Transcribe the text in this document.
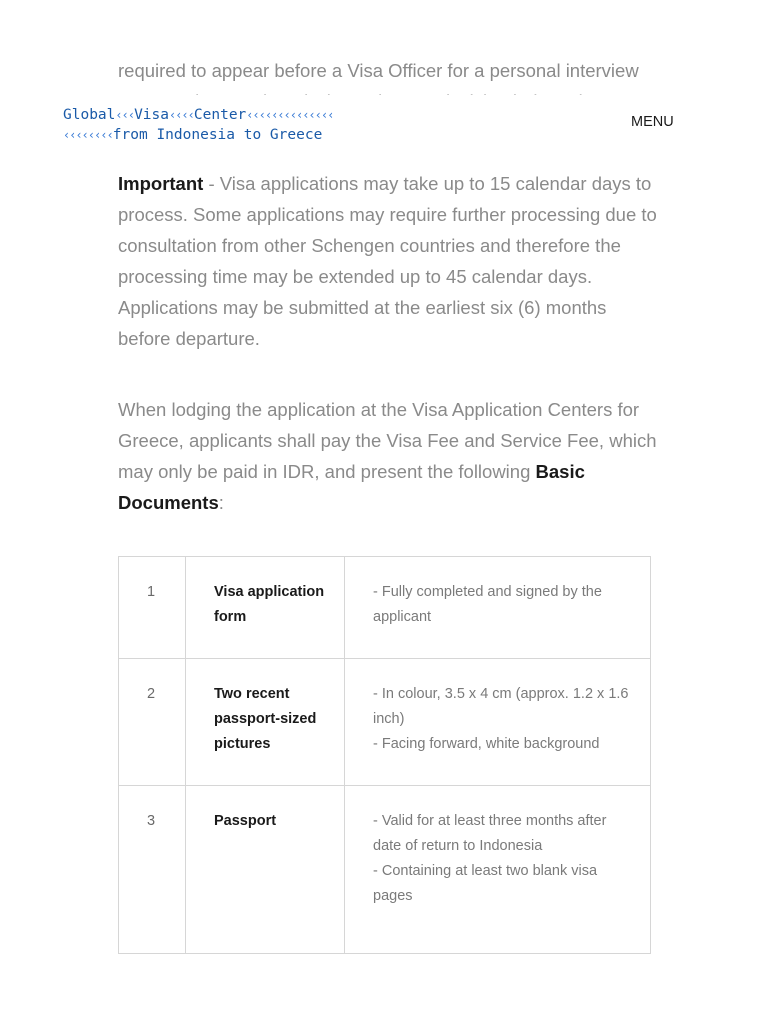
required to appear before a Visa Officer for a personal interview

Global‹‹‹Visa‹‹‹‹Center‹‹‹‹‹‹‹‹‹‹‹‹‹‹
‹‹‹‹‹‹‹‹from Indonesia to Greece
MENU

Important - Visa applications may take up to 15 calendar days to process. Some applications may require further processing due to consultation from other Schengen countries and therefore the processing time may be extended up to 45 calendar days. Applications may be submitted at the earliest six (6) months before departure.

When lodging the application at the Visa Application Centers for Greece, applicants shall pay the Visa Fee and Service Fee, which may only be paid in IDR, and present the following Basic Documents:

1	Visa application form	- Fully completed and signed by the applicant

2	Two recent passport-sized pictures	- In colour, 3.5 x 4 cm (approx. 1.2 x 1.6 inch)
- Facing forward, white background

3	Passport	- Valid for at least three months after date of return to Indonesia
- Containing at least two blank visa pages
